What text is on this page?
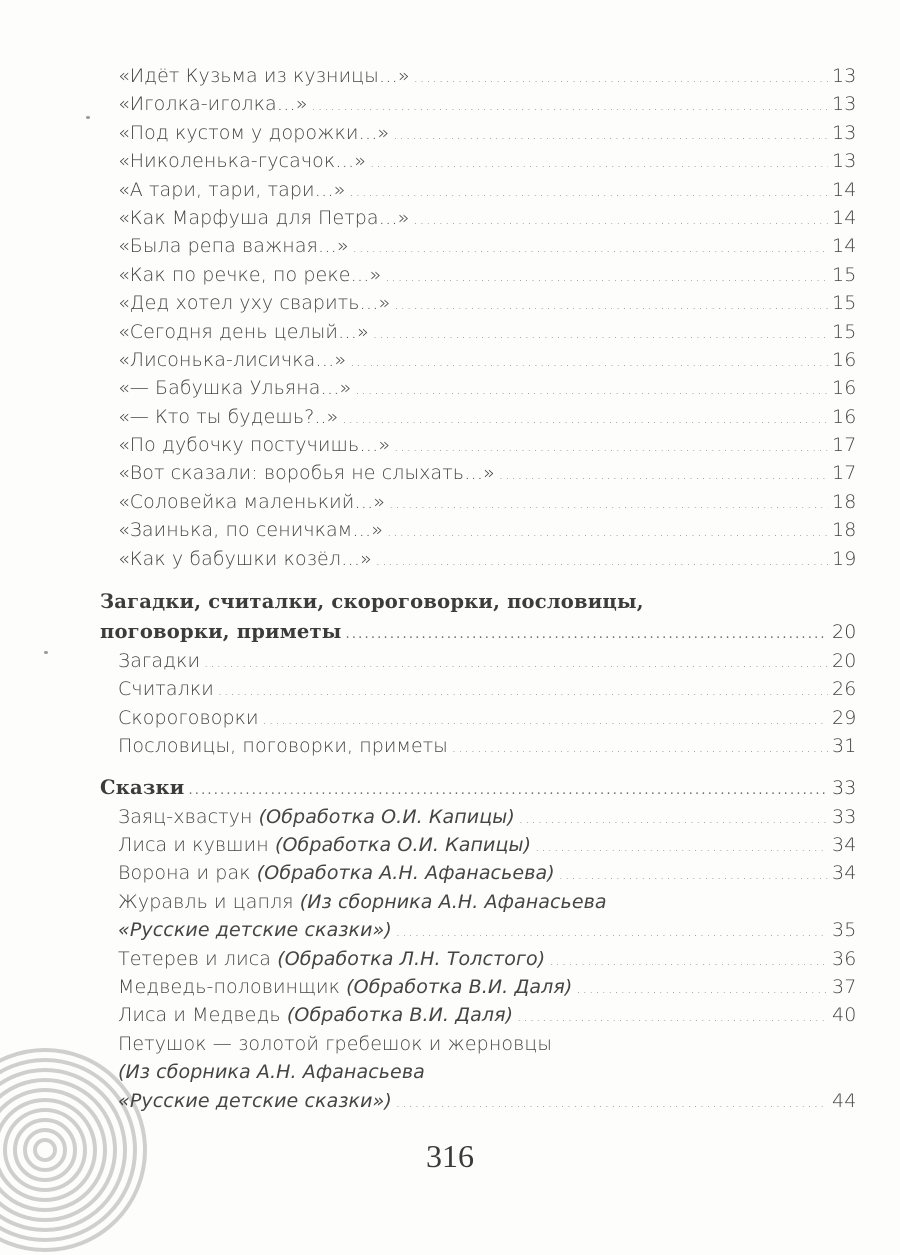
«Идёт Кузьма из кузницы…» .....	13
«Иголка-иголка…» .....	13
«Под кустом у дорожки…» .....	13
«Николенька-гусачок…» .....	13
«А тари, тари, тари…» .....	14
«Как Марфуша для Петра…» .....	14
«Была репа важная…» .....	14
«Как по речке, по реке…» .....	15
«Дед хотел уху сварить…» .....	15
«Сегодня день целый…» .....	15
«Лисонька-лисичка…» .....	16
«— Бабушка Ульяна…» .....	16
«— Кто ты будешь?..» .....	16
«По дубочку постучишь…» .....	17
«Вот сказали: воробья не слыхать…» .....	17
«Соловейка маленький…» .....	18
«Заинька, по сеничкам…» .....	18
«Как у бабушки козёл…» .....	19
Загадки, считалки, скороговорки, пословицы,
поговорки, приметы .....	20
Загадки .....	20
Считалки .....	26
Скороговорки .....	29
Пословицы, поговорки, приметы .....	31
Сказки .....	33
Заяц-хвастун (Обработка О.И. Капицы) .....	33
Лиса и кувшин (Обработка О.И. Капицы) .....	34
Ворона и рак (Обработка А.Н. Афанасьева) .....	34
Журавль и цапля (Из сборника А.Н. Афанасьева
«Русские детские сказки») .....	35
Тетерев и лиса (Обработка Л.Н. Толстого) .....	36
Медведь-половинщик (Обработка В.И. Даля) .....	37
Лиса и Медведь (Обработка В.И. Даля) .....	40
Петушок — золотой гребешок и жерновцы
(Из сборника А.Н. Афанасьева
«Русские детские сказки») .....	44
316
